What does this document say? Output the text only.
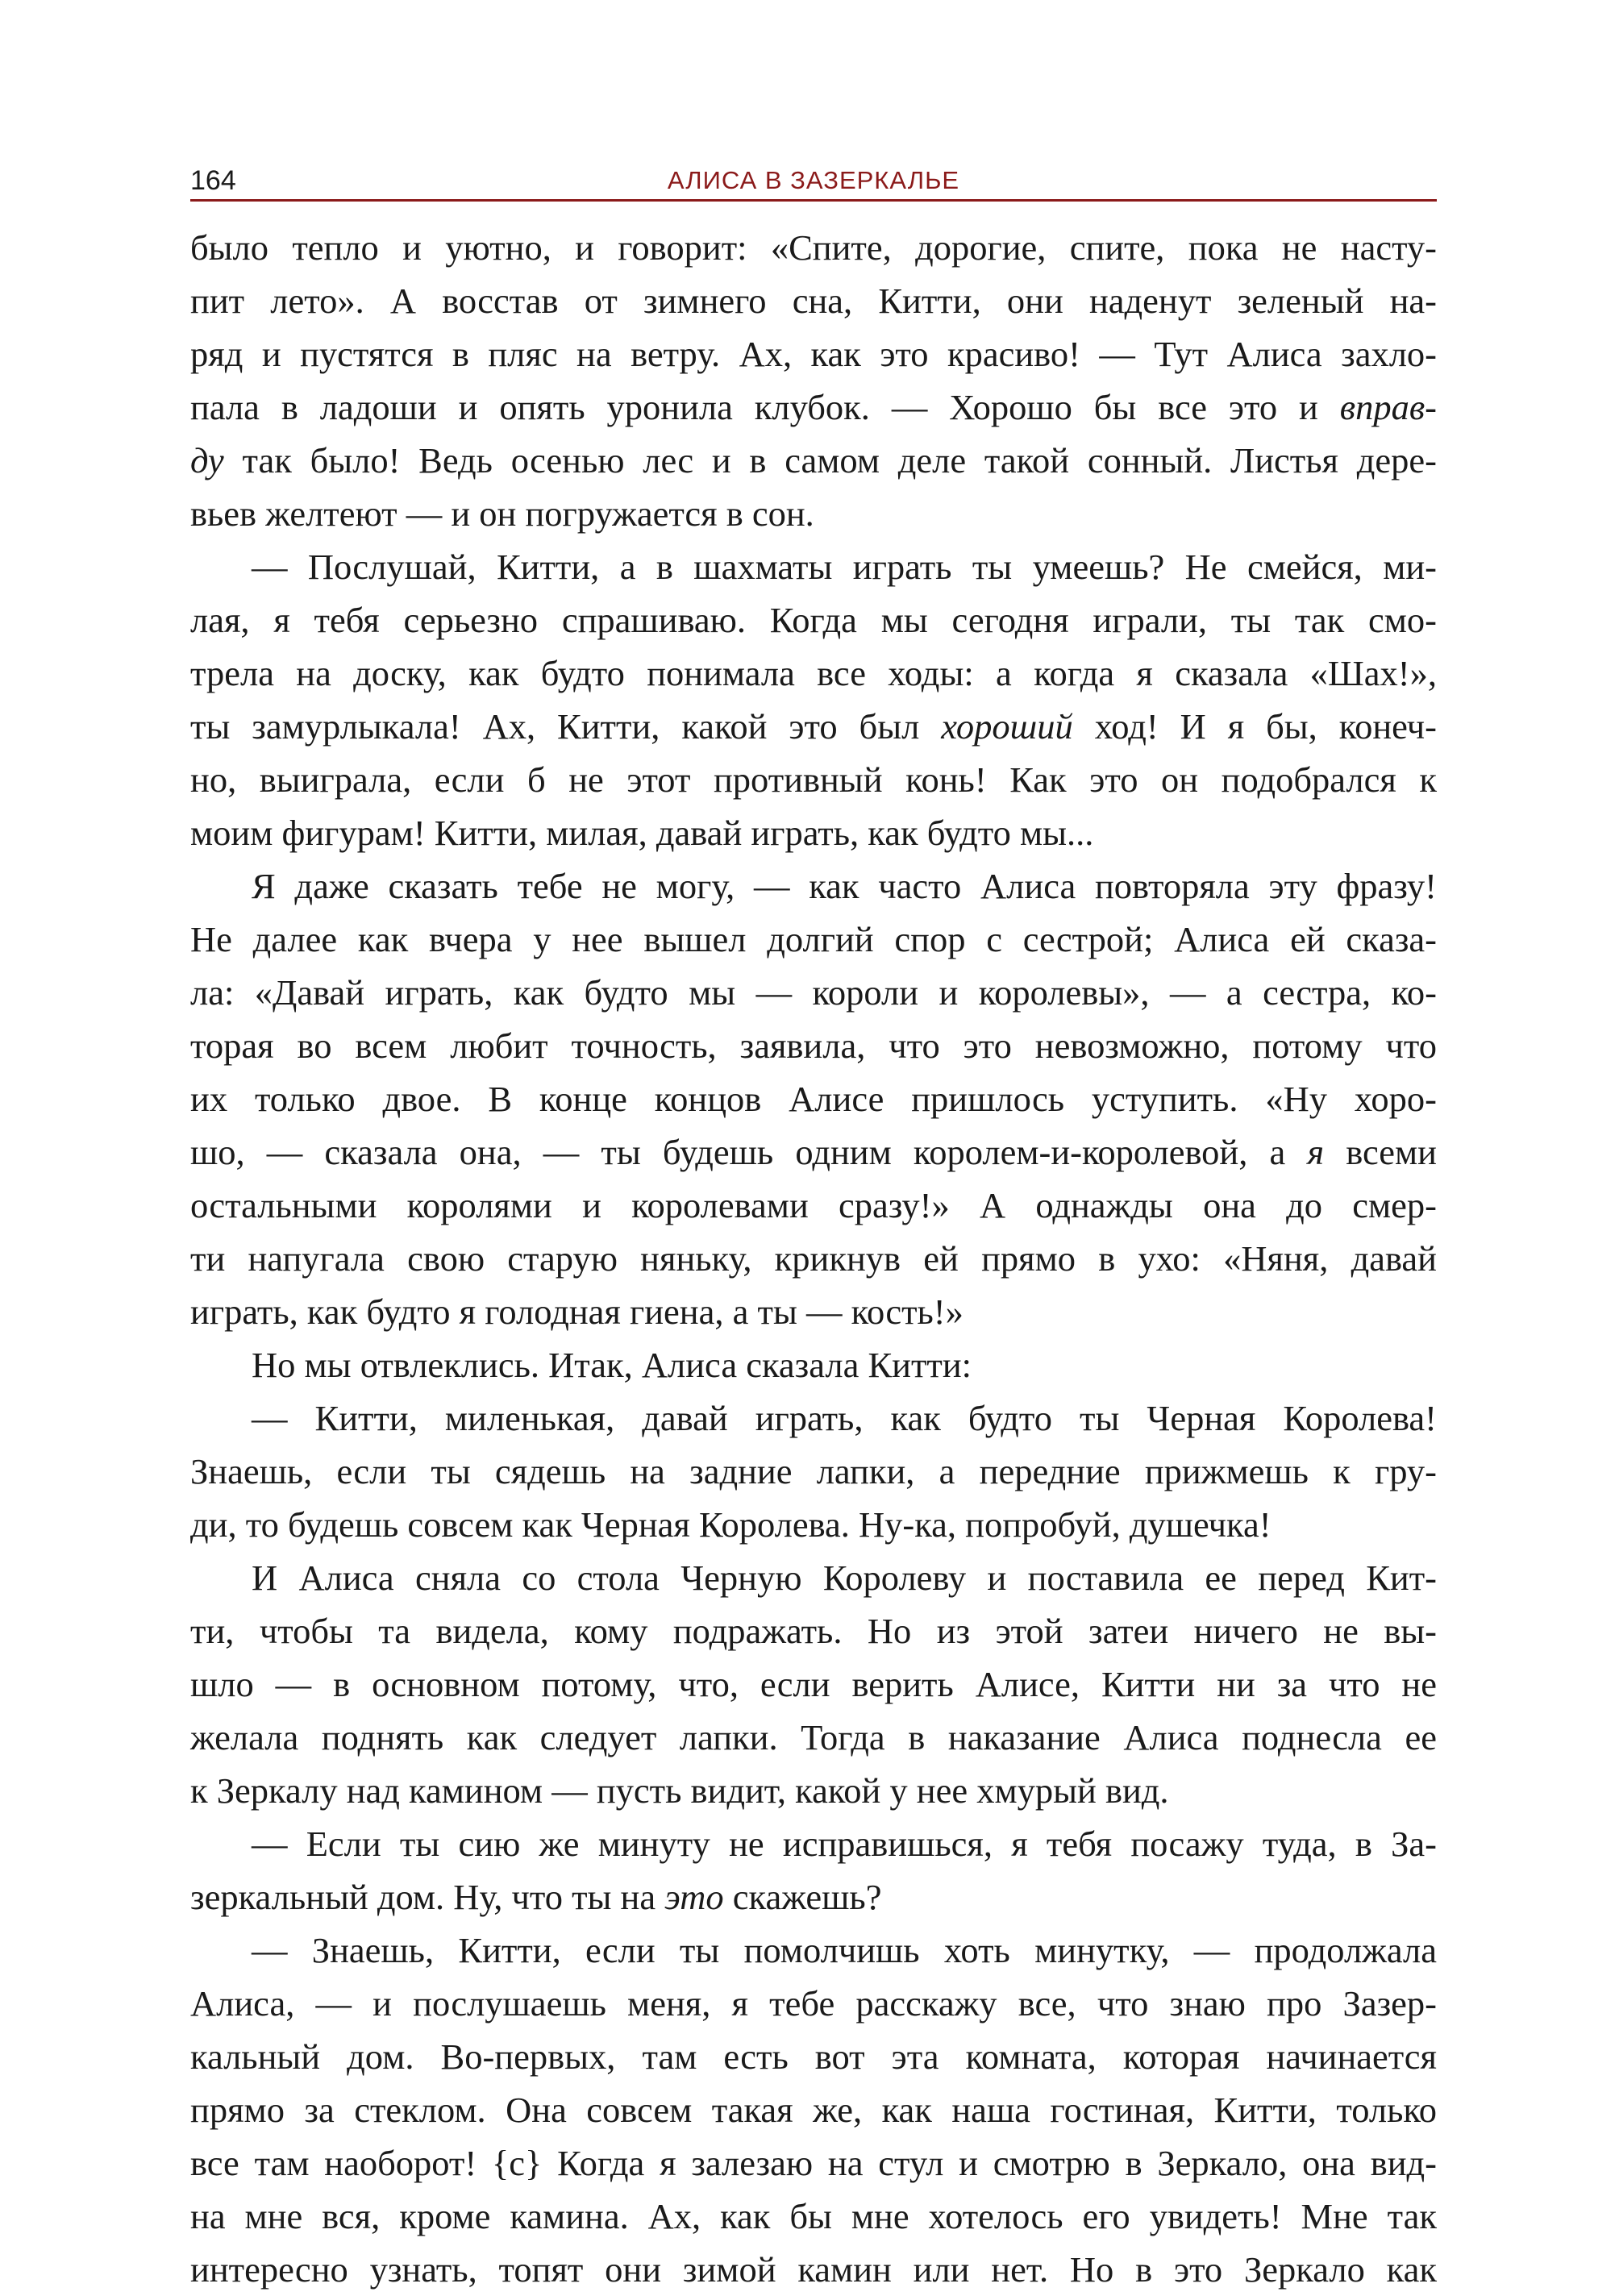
164	АЛИСА В ЗАЗЕРКАЛЬЕ
было тепло и уютно, и говорит: «Спите, дорогие, спите, пока не насту-
пит лето». А восстав от зимнего сна, Китти, они наденут зеленый на-
ряд и пустятся в пляс на ветру. Ах, как это красиво! — Тут Алиса захло-
пала в ладоши и опять уронила клубок. — Хорошо бы все это и вправ-
ду так было! Ведь осенью лес и в самом деле такой сонный. Листья дере-
вьев желтеют — и он погружается в сон.
— Послушай, Китти, а в шахматы играть ты умеешь? Не смейся, ми-
лая, я тебя серьезно спрашиваю. Когда мы сегодня играли, ты так смо-
трела на доску, как будто понимала все ходы: а когда я сказала «Шах!»,
ты замурлыкала! Ах, Китти, какой это был хороший ход! И я бы, конеч-
но, выиграла, если б не этот противный конь! Как это он подобрался к
моим фигурам! Китти, милая, давай играть, как будто мы...
Я даже сказать тебе не могу, — как часто Алиса повторяла эту фразу!
Не далее как вчера у нее вышел долгий спор с сестрой; Алиса ей сказа-
ла: «Давай играть, как будто мы — короли и королевы», — а сестра, ко-
торая во всем любит точность, заявила, что это невозможно, потому что
их только двое. В конце концов Алисе пришлось уступить. «Ну хоро-
шо, — сказала она, — ты будешь одним королем-и-королевой, а я всеми
остальными королями и королевами сразу!» А однажды она до смер-
ти напугала свою старую няньку, крикнув ей прямо в ухо: «Няня, давай
играть, как будто я голодная гиена, а ты — кость!»
Но мы отвлеклись. Итак, Алиса сказала Китти:
— Китти, миленькая, давай играть, как будто ты Черная Королева!
Знаешь, если ты сядешь на задние лапки, а передние прижмешь к гру-
ди, то будешь совсем как Черная Королева. Ну-ка, попробуй, душечка!
И Алиса сняла со стола Черную Королеву и поставила ее перед Кит-
ти, чтобы та видела, кому подражать. Но из этой затеи ничего не вы-
шло — в основном потому, что, если верить Алисе, Китти ни за что не
желала поднять как следует лапки. Тогда в наказание Алиса поднесла ее
к Зеркалу над камином — пусть видит, какой у нее хмурый вид.
— Если ты сию же минуту не исправишься, я тебя посажу туда, в За-
зеркальный дом. Ну, что ты на это скажешь?
— Знаешь, Китти, если ты помолчишь хоть минутку, — продолжала
Алиса, — и послушаешь меня, я тебе расскажу все, что знаю про Зазер-
кальный дом. Во-первых, там есть вот эта комната, которая начинается
прямо за стеклом. Она совсем такая же, как наша гостиная, Китти, только
все там наоборот! {c} Когда я залезаю на стул и смотрю в Зеркало, она вид-
на мне вся, кроме камина. Ах, как бы мне хотелось его увидеть! Мне так
интересно узнать, топят они зимой камин или нет. Но в это Зеркало как
